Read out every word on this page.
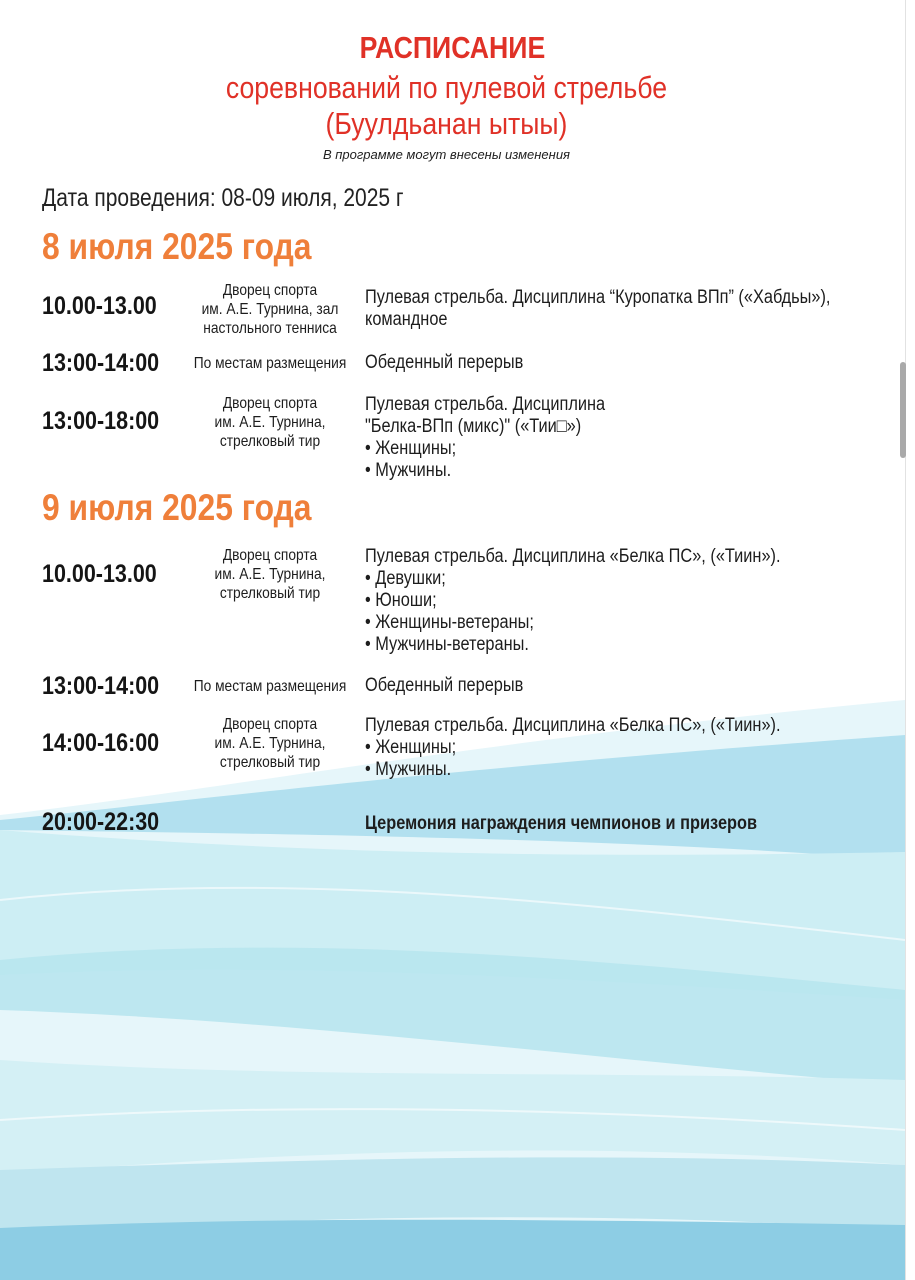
РАСПИСАНИЕ
соревнований по пулевой стрельбе
(Буулдьанан ытыы)
В программе могут внесены изменения
Дата проведения: 08-09 июля, 2025 г
8 июля 2025 года
10.00-13.00
Дворец спорта
им. А.Е. Турнина, зал
настольного тенниса
Пулевая стрельба. Дисциплина “Куропатка ВПп” («Хабдьы»),
командное
13:00-14:00 По местам размещения Обеденный перерыв
13:00-18:00
Дворец спорта
им. А.Е. Турнина,
стрелковый тир
Пулевая стрельба. Дисциплина
"Белка-ВПп (микс)" («Тии□»)
• Женщины;
• Мужчины.
9 июля 2025 года
10.00-13.00
Дворец спорта
им. А.Е. Турнина,
стрелковый тир
Пулевая стрельба. Дисциплина «Белка ПС», («Тиин»).
• Девушки;
• Юноши;
• Женщины-ветераны;
• Мужчины-ветераны.
13:00-14:00 По местам размещения Обеденный перерыв
14:00-16:00
Дворец спорта
им. А.Е. Турнина,
стрелковый тир
Пулевая стрельба. Дисциплина «Белка ПС», («Тиин»).
• Женщины;
• Мужчины.
20:00-22:30	Церемония награждения чемпионов и призеров
